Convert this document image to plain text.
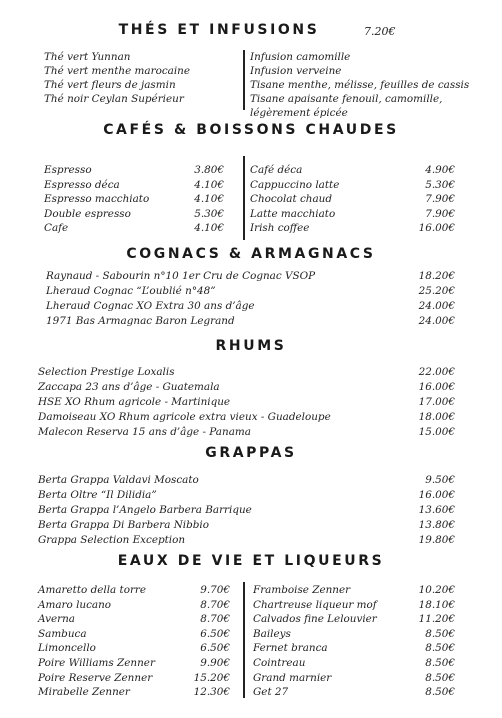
THÉS ET INFUSIONS	7.20€
Thé vert Yunnan
Thé vert menthe marocaine
Thé vert fleurs de jasmin
Thé noir Ceylan Supérieur
Infusion camomille
Infusion verveine
Tisane menthe, mélisse, feuilles de cassis
Tisane apaisante fenouil, camomille,
légèrement épicée
CAFÉS & BOISSONS CHAUDES
Espresso	3.80€
Espresso déca	4.10€
Espresso macchiato	4.10€
Double espresso	5.30€
Cafe	4.10€
Café déca	4.90€
Cappuccino latte	5.30€
Chocolat chaud	7.90€
Latte macchiato	7.90€
Irish coffee	16.00€
COGNACS & ARMAGNACS
Raynaud - Sabourin n°10 1er Cru de Cognac VSOP	18.20€
Lheraud Cognac “L’oublié n°48”	25.20€
Lheraud Cognac XO Extra 30 ans d’âge	24.00€
1971 Bas Armagnac Baron Legrand	24.00€
RHUMS
Selection Prestige Loxalis	22.00€
Zaccapa 23 ans d’âge - Guatemala	16.00€
HSE XO Rhum agricole - Martinique	17.00€
Damoiseau XO Rhum agricole extra vieux - Guadeloupe	18.00€
Malecon Reserva 15 ans d’âge - Panama	15.00€
GRAPPAS
Berta Grappa Valdavi Moscato	9.50€
Berta Oltre “Il Dilidia”	16.00€
Berta Grappa l’Angelo Barbera Barrique	13.60€
Berta Grappa Di Barbera Nibbio	13.80€
Grappa Selection Exception	19.80€
EAUX DE VIE ET LIQUEURS
Amaretto della torre	9.70€
Amaro lucano	8.70€
Averna	8.70€
Sambuca	6.50€
Limoncello	6.50€
Poire Williams Zenner	9.90€
Poire Reserve Zenner	15.20€
Mirabelle Zenner	12.30€
Framboise Zenner	10.20€
Chartreuse liqueur mof	18.10€
Calvados fine Lelouvier	11.20€
Baileys	8.50€
Fernet branca	8.50€
Cointreau	8.50€
Grand marnier	8.50€
Get 27	8.50€
